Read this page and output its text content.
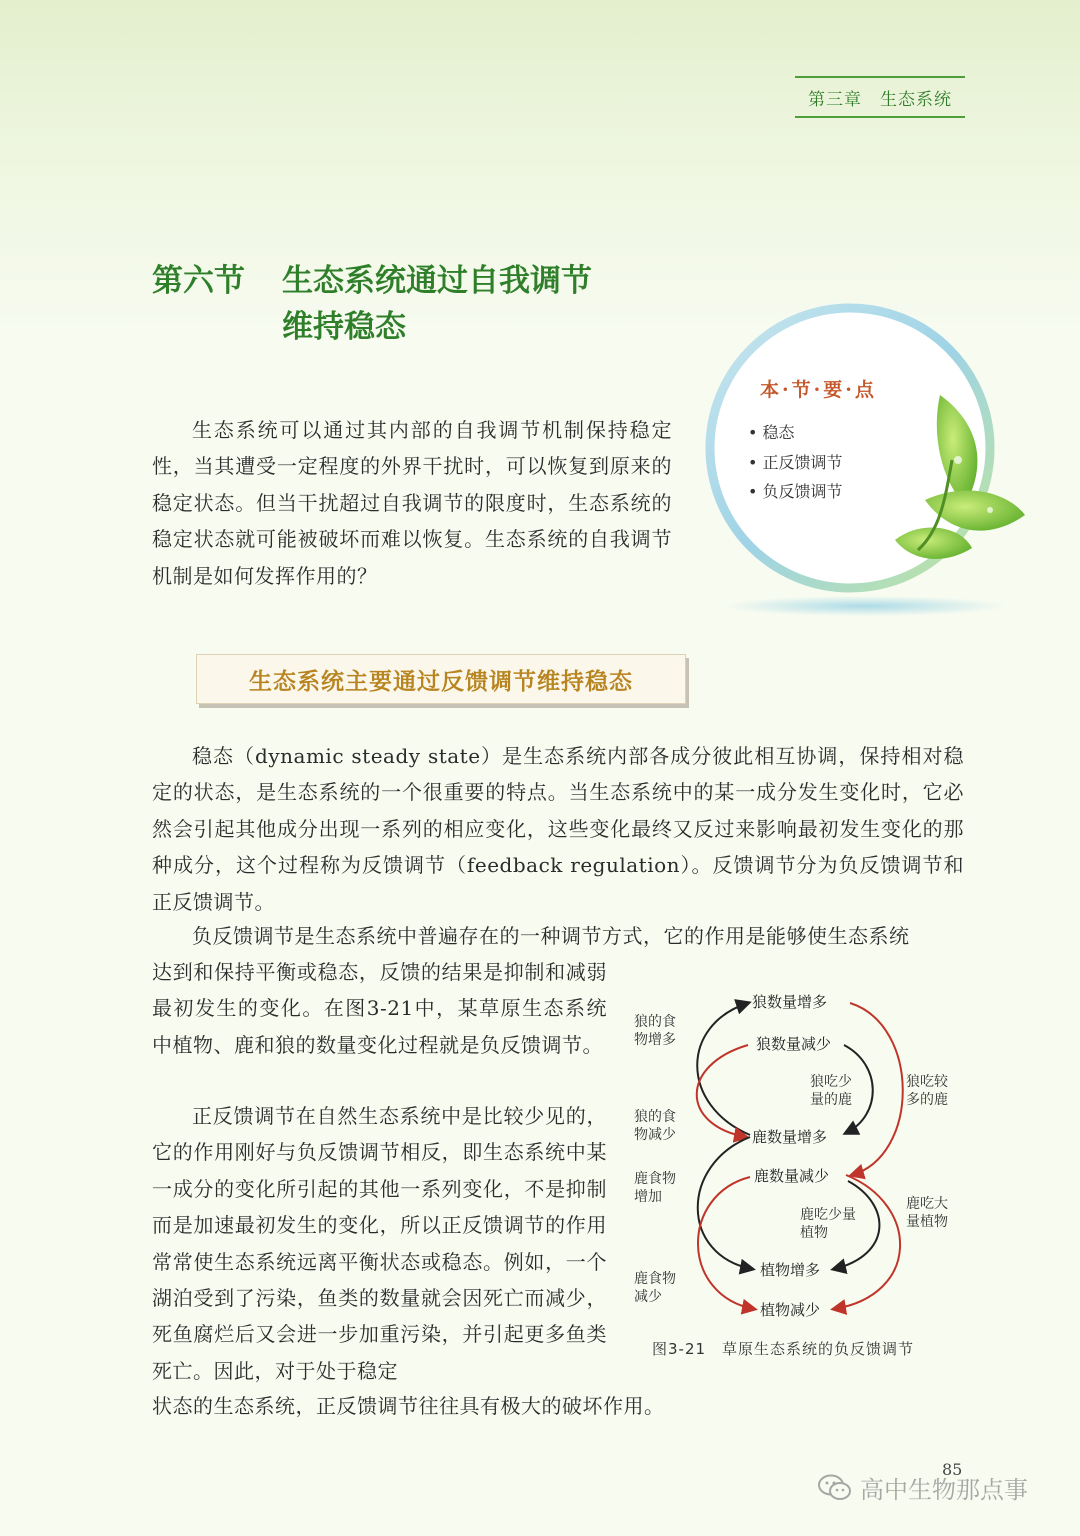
第三章　生态系统
第六节 生态系统通过自我调节
维持稳态

生态系统可以通过其内部的自我调节机制保持稳定性，当其遭受一定程度的外界干扰时，可以恢复到原来的稳定状态。但当干扰超过自我调节的限度时，生态系统的稳定状态就可能被破坏而难以恢复。生态系统的自我调节机制是如何发挥作用的？

本·节·要·点
• 稳态
• 正反馈调节
• 负反馈调节
生态系统主要通过反馈调节维持稳态

稳态（dynamic steady state）是生态系统内部各成分彼此相互协调，保持相对稳定的状态，是生态系统的一个很重要的特点。当生态系统中的某一成分发生变化时，它必然会引起其他成分出现一系列的相应变化，这些变化最终又反过来影响最初发生变化的那种成分，这个过程称为反馈调节（feedback regulation）。反馈调节分为负反馈调节和正反馈调节。

负反馈调节是生态系统中普遍存在的一种调节方式，它的作用是能够使生态系统

达到和保持平衡或稳态，反馈的结果是抑制和减弱最初发生的变化。在图3-21中，某草原生态系统中植物、鹿和狼的数量变化过程就是负反馈调节。

正反馈调节在自然生态系统中是比较少见的，它的作用刚好与负反馈调节相反，即生态系统中某一成分的变化所引起的其他一系列变化，不是抑制而是加速最初发生的变化，所以正反馈调节的作用常常使生态系统远离平衡状态或稳态。例如，一个湖泊受到了污染，鱼类的数量就会因死亡而减少，死鱼腐烂后又会进一步加重污染，并引起更多鱼类死亡。因此，对于处于稳定

状态的生态系统，正反馈调节往往具有极大的破坏作用。

狼数量增多
狼数量减少
鹿数量增多
鹿数量减少
植物增多
植物减少
狼的食
物增多
狼的食
物减少
鹿食物
增加
鹿食物
减少
狼吃少
量的鹿
狼吃较
多的鹿
鹿吃少量
植物
鹿吃大
量植物
图3-21　草原生态系统的负反馈调节
85
高中生物那点事
